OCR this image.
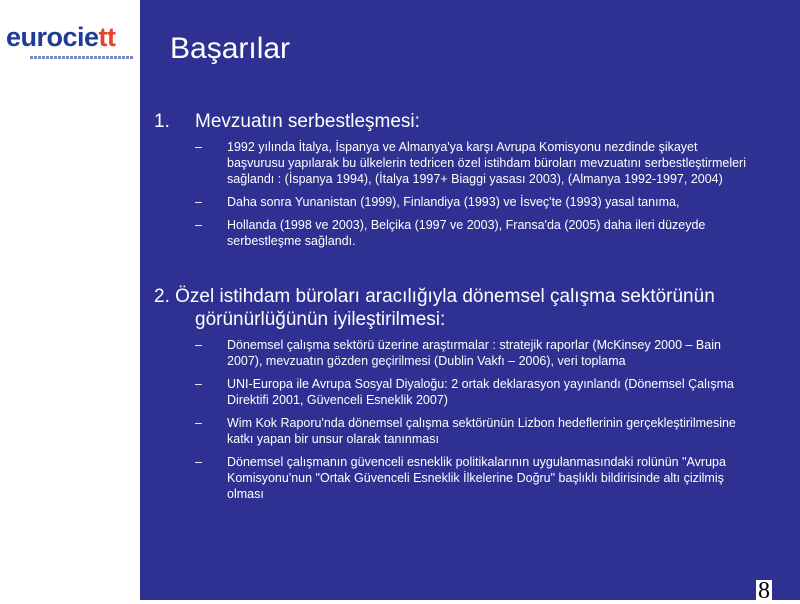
eurociett Başarılar
1.	Mevzuatın serbestleşmesi:
–	1992 yılında İtalya, İspanya ve Almanya'ya karşı Avrupa Komisyonu nezdinde şikayet başvurusu yapılarak bu ülkelerin tedricen özel istihdam büroları mevzuatını serbestleştirmeleri sağlandı : (İspanya 1994), (İtalya 1997+ Biaggi yasası 2003), (Almanya 1992-1997, 2004)
–	Daha sonra Yunanistan (1999), Finlandiya (1993) ve İsveç'te (1993) yasal tanıma,
–	Hollanda (1998 ve 2003), Belçika (1997 ve 2003), Fransa'da (2005) daha ileri düzeyde serbestleşme sağlandı.
2. Özel istihdam büroları aracılığıyla dönemsel çalışma sektörünün görünürlüğünün iyileştirilmesi:
–	Dönemsel çalışma sektörü üzerine araştırmalar : stratejik raporlar (McKinsey 2000 – Bain 2007), mevzuatın gözden geçirilmesi (Dublin Vakfı – 2006), veri toplama
–	UNI-Europa ile Avrupa Sosyal Diyaloğu: 2 ortak deklarasyon yayınlandı (Dönemsel Çalışma Direktifi 2001, Güvenceli Esneklik 2007)
–	Wim Kok Raporu'nda dönemsel çalışma sektörünün Lizbon hedeflerinin gerçekleştirilmesine katkı yapan bir unsur olarak tanınması
–	Dönemsel çalışmanın güvenceli esneklik politikalarının uygulanmasındaki rolünün "Avrupa Komisyonu'nun "Ortak Güvenceli Esneklik İlkelerine Doğru" başlıklı bildirisinde altı çizilmiş olması
8
